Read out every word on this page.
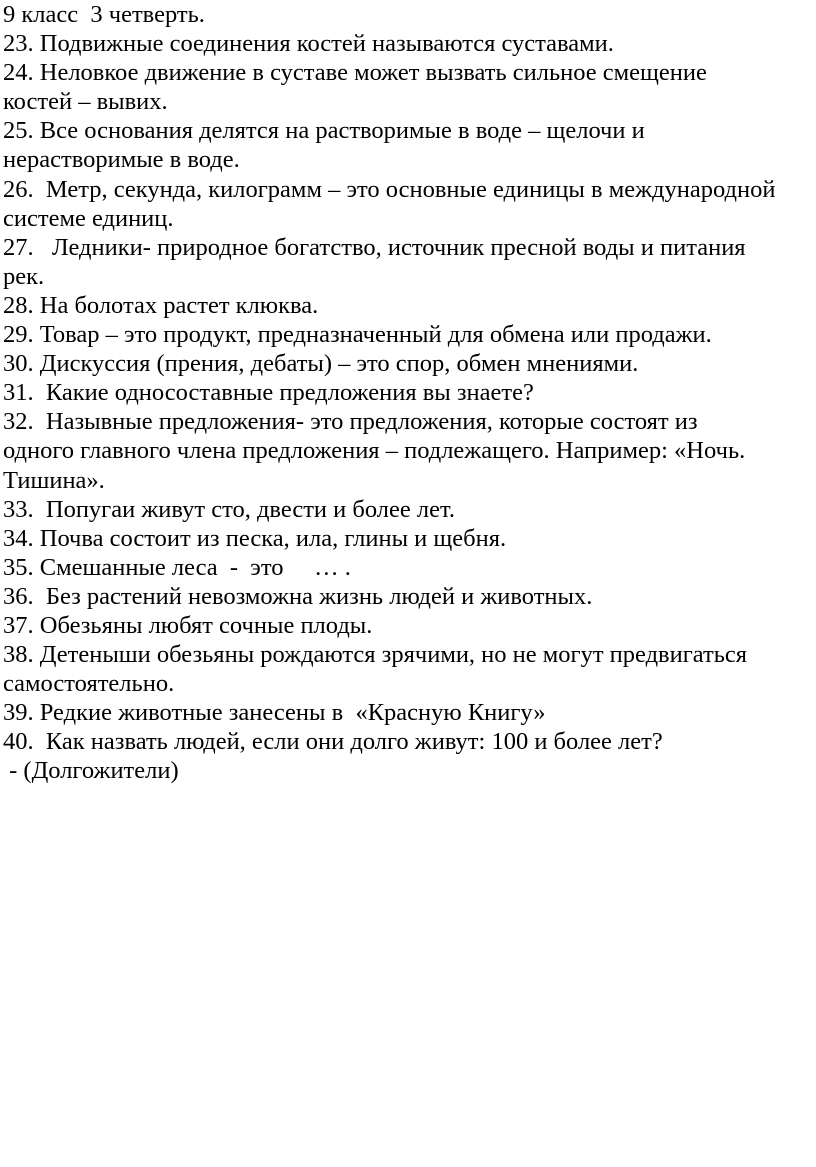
9 класс  3 четверть.
23. Подвижные соединения костей называются суставами.
24. Неловкое движение в суставе может вызвать сильное смещение
костей – вывих.
25. Все основания делятся на растворимые в воде – щелочи и
нерастворимые в воде.
26.  Метр, секунда, килограмм – это основные единицы в международной
системе единиц.
27.   Ледники- природное богатство, источник пресной воды и питания
рек.
28. На болотах растет клюква.
29. Товар – это продукт, предназначенный для обмена или продажи.
30. Дискуссия (прения, дебаты) – это спор, обмен мнениями.
31.  Какие односоставные предложения вы знаете?
32.  Назывные предложения- это предложения, которые состоят из
одного главного члена предложения – подлежащего. Например: «Ночь.
Тишина».
33.  Попугаи живут сто, двести и более лет.
34. Почва состоит из песка, ила, глины и щебня.
35. Смешанные леса  -  это     … .
36.  Без растений невозможна жизнь людей и животных.
37. Обезьяны любят сочные плоды.
38. Детеныши обезьяны рождаются зрячими, но не могут предвигаться
самостоятельно.
39. Редкие животные занесены в  «Красную Книгу»
40.  Как назвать людей, если они долго живут: 100 и более лет?
- (Долгожители)
